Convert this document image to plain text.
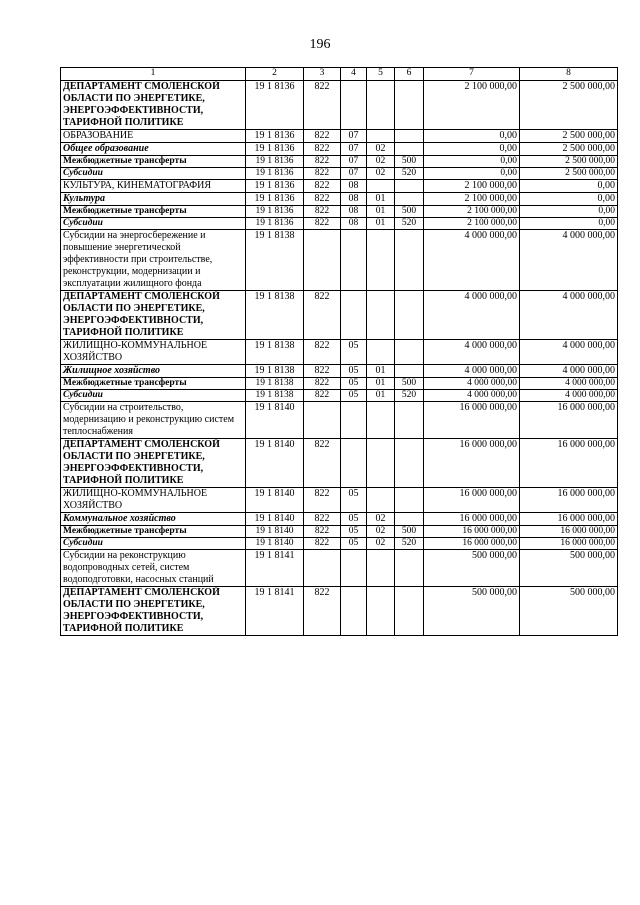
196
1	2	3	4	5	6	7	8
ДЕПАРТАМЕНТ СМОЛЕНСКОЙ ОБЛАСТИ ПО ЭНЕРГЕТИКЕ, ЭНЕРГОЭФФЕКТИВНОСТИ, ТАРИФНОЙ ПОЛИТИКЕ	19 1 8136	822				2 100 000,00	2 500 000,00
ОБРАЗОВАНИЕ	19 1 8136	822	07			0,00	2 500 000,00
Общее образование	19 1 8136	822	07	02		0,00	2 500 000,00
Межбюджетные трансферты	19 1 8136	822	07	02	500	0,00	2 500 000,00
Субсидии	19 1 8136	822	07	02	520	0,00	2 500 000,00
КУЛЬТУРА, КИНЕМАТОГРАФИЯ	19 1 8136	822	08			2 100 000,00	0,00
Культура	19 1 8136	822	08	01		2 100 000,00	0,00
Межбюджетные трансферты	19 1 8136	822	08	01	500	2 100 000,00	0,00
Субсидии	19 1 8136	822	08	01	520	2 100 000,00	0,00
Субсидии на энергосбережение и повышение энергетической эффективности при строительстве, реконструкции, модернизации и эксплуатации жилищного фонда	19 1 8138					4 000 000,00	4 000 000,00
ДЕПАРТАМЕНТ СМОЛЕНСКОЙ ОБЛАСТИ ПО ЭНЕРГЕТИКЕ, ЭНЕРГОЭФФЕКТИВНОСТИ, ТАРИФНОЙ ПОЛИТИКЕ	19 1 8138	822				4 000 000,00	4 000 000,00
ЖИЛИЩНО-КОММУНАЛЬНОЕ ХОЗЯЙСТВО	19 1 8138	822	05			4 000 000,00	4 000 000,00
Жилищное хозяйство	19 1 8138	822	05	01		4 000 000,00	4 000 000,00
Межбюджетные трансферты	19 1 8138	822	05	01	500	4 000 000,00	4 000 000,00
Субсидии	19 1 8138	822	05	01	520	4 000 000,00	4 000 000,00
Субсидии на строительство, модернизацию и реконструкцию систем теплоснабжения	19 1 8140					16 000 000,00	16 000 000,00
ДЕПАРТАМЕНТ СМОЛЕНСКОЙ ОБЛАСТИ ПО ЭНЕРГЕТИКЕ, ЭНЕРГОЭФФЕКТИВНОСТИ, ТАРИФНОЙ ПОЛИТИКЕ	19 1 8140	822				16 000 000,00	16 000 000,00
ЖИЛИЩНО-КОММУНАЛЬНОЕ ХОЗЯЙСТВО	19 1 8140	822	05			16 000 000,00	16 000 000,00
Коммунальное хозяйство	19 1 8140	822	05	02		16 000 000,00	16 000 000,00
Межбюджетные трансферты	19 1 8140	822	05	02	500	16 000 000,00	16 000 000,00
Субсидии	19 1 8140	822	05	02	520	16 000 000,00	16 000 000,00
Субсидии на реконструкцию водопроводных сетей, систем водоподготовки, насосных станций	19 1 8141					500 000,00	500 000,00
ДЕПАРТАМЕНТ СМОЛЕНСКОЙ ОБЛАСТИ ПО ЭНЕРГЕТИКЕ, ЭНЕРГОЭФФЕКТИВНОСТИ, ТАРИФНОЙ ПОЛИТИКЕ	19 1 8141	822				500 000,00	500 000,00
